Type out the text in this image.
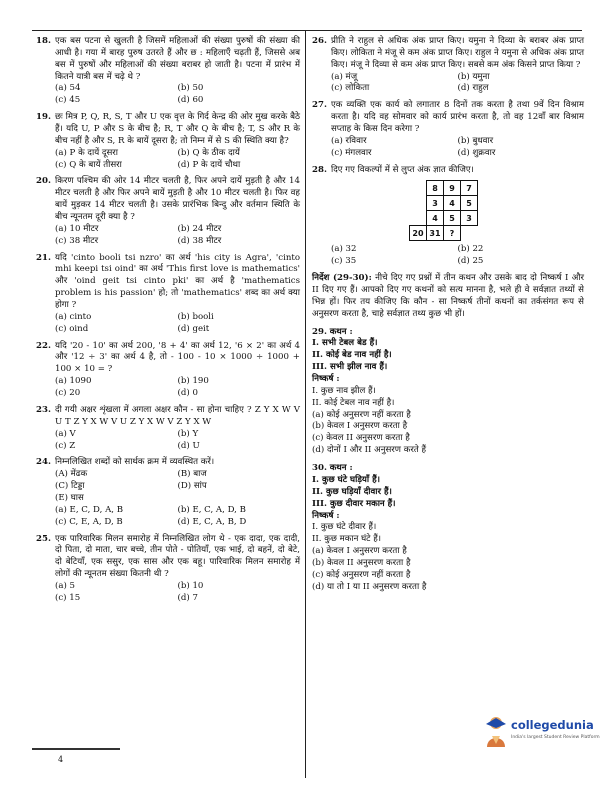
18. एक बस पटना से खुलती है जिसमें महिलाओं की संख्या पुरुषों की संख्या की आधी है। गया में बारह पुरुष उतरते हैं और छ : महिलाएँ चढ़ती हैं, जिससे अब बस में पुरुषों और महिलाओं की संख्या बराबर हो जाती है। पटना में प्रारंभ में कितने यात्री बस में चढ़े थे ?

(a) 54	(b) 50
(c) 45	(d) 60
19. छः मित्र P, Q, R, S, T और U एक वृत्त के गिर्द केन्द्र की ओर मुख करके बैठे हैं। यदि U, P और S के बीच है; R, T और Q के बीच है; T, S और R के बीच नहीं है और S, R के बायें दूसरा है; तो निम्न में से S की स्थिति क्या है?

(a) P के दायें दूसरा	(b) Q के ठीक दायें
(c) Q के बायें तीसरा	(d) P के दायें चौथा
20. किरण पश्चिम की ओर 14 मीटर चलती है, फिर अपने दायें मुड़ती है और 14 मीटर चलती है और फिर अपने बायें मुड़ती है और 10 मीटर चलती है। फिर वह बायें मुड़कर 14 मीटर चलती है। उसके प्रारंभिक बिन्दु और वर्तमान स्थिति के बीच न्यूनतम दूरी क्या है ?

(a) 10 मीटर	(b) 24 मीटर
(c) 38 मीटर	(d) 38 मीटर
21. यदि 'cinto booli tsi nzro' का अर्थ 'his city is Agra', 'cinto mhi keepi tsi oind' का अर्थ 'This first love is mathematics' और 'oind geit tsi cinto pki' का अर्थ है 'mathematics problem is his passion' हो; तो 'mathematics' शब्द का अर्थ क्या होगा ?

(a) cinto	(b) booli
(c) oind	(d) geit
22. यदि '20 - 10' का अर्थ 200, '8 + 4' का अर्थ 12, '6 × 2' का अर्थ 4 और '12 ÷ 3' का अर्थ 4 है, तो - 100 - 10 × 1000 ÷ 1000 + 100 × 10 = ?

(a) 1090	(b) 190
(c) 20	(d) 0
23. दी गयी अक्षर शृंखला में अगला अक्षर कौन - सा होना चाहिए ? Z Y X W V U T Z Y X W V U Z Y X W V Z Y X W

(a) V	(b) Y
(c) Z	(d) U
24. निम्नलिखित शब्दों को सार्थक क्रम में व्यवस्थित करें।

(A) मेंढक	(B) बाज
(C) टिड्डा	(D) सांप
(E) घास
(a) E, C, D, A, B	(b) E, C, A, D, B
(c) C, E, A, D, B	(d) E, C, A, B, D
25. एक पारिवारिक मिलन समारोह में निम्नलिखित लोग थे - एक दादा, एक दादी, दो पिता, दो माता, चार बच्चे, तीन पोते - पोतियाँ, एक भाई, दो बहनें, दो बेटे, दो बेटियाँ, एक ससुर, एक सास और एक बहू। पारिवारिक मिलन समारोह में लोगों की न्यूनतम संख्या कितनी थी ?

(a) 5	(b) 10
(c) 15	(d) 7
26. प्रीति ने राहुल से अधिक अंक प्राप्त किए। यमुना ने दिव्या के बराबर अंक प्राप्त किए। लोकिता ने मंजू से कम अंक प्राप्त किए। राहुल ने यमुना से अधिक अंक प्राप्त किए। मंजू ने दिव्या से कम अंक प्राप्त किए। सबसे कम अंक किसने प्राप्त किया ?

(a) मंजू	(b) यमुना
(c) लोकिता	(d) राहुल
27. एक व्यक्ति एक कार्य को लगातार 8 दिनों तक करता है तथा 9वें दिन विश्राम करता है। यदि वह सोमवार को कार्य प्रारंभ करता है, तो वह 12वाँ बार विश्राम सप्ताह के किस दिन करेगा ?

(a) रविवार	(b) बुधवार
(c) मंगलवार	(d) शुक्रवार
28. दिए गए विकल्पों में से लुप्त अंक ज्ञात कीजिए।

	8	9	7
	3	4	5
	4	5	3
20	31	?	
(a) 32	(b) 22
(c) 35	(d) 25

निर्देश (29-30): नीचे दिए गए प्रश्नों में तीन कथन और उसके बाद दो निष्कर्ष I और II दिए गए हैं। आपको दिए गए कथनों को सत्य मानना है, भले ही वे सर्वज्ञात तथ्यों से भिन्न हों। फिर तय कीजिए कि कौन - सा निष्कर्ष तीनों कथनों का तर्कसंगत रूप से अनुसरण करता है, चाहे सर्वज्ञात तथ्य कुछ भी हों।

29. कथन :
I. सभी टेबल बेड हैं।
II. कोई बेड नाव नहीं है।
III. सभी झील नाव हैं।
निष्कर्ष :
I. कुछ नाव झील हैं।
II. कोई टेबल नाव नहीं है।
(a) कोई अनुसरण नहीं करता है
(b) केवल I अनुसरण करता है
(c) केवल II अनुसरण करता है
(d) दोनों I और II अनुसरण करते हैं
30. कथन :
I. कुछ घंटे घड़ियाँ हैं।
II. कुछ घड़ियाँ दीवार हैं।
III. कुछ दीवार मकान हैं।
निष्कर्ष :
I. कुछ घंटे दीवार हैं।
II. कुछ मकान घंटे हैं।
(a) केवल I अनुसरण करता है
(b) केवल II अनुसरण करता है
(c) कोई अनुसरण नहीं करता है
(d) या तो I या II अनुसरण करता है
4
collegedunia
India's largest Student Review Platform
